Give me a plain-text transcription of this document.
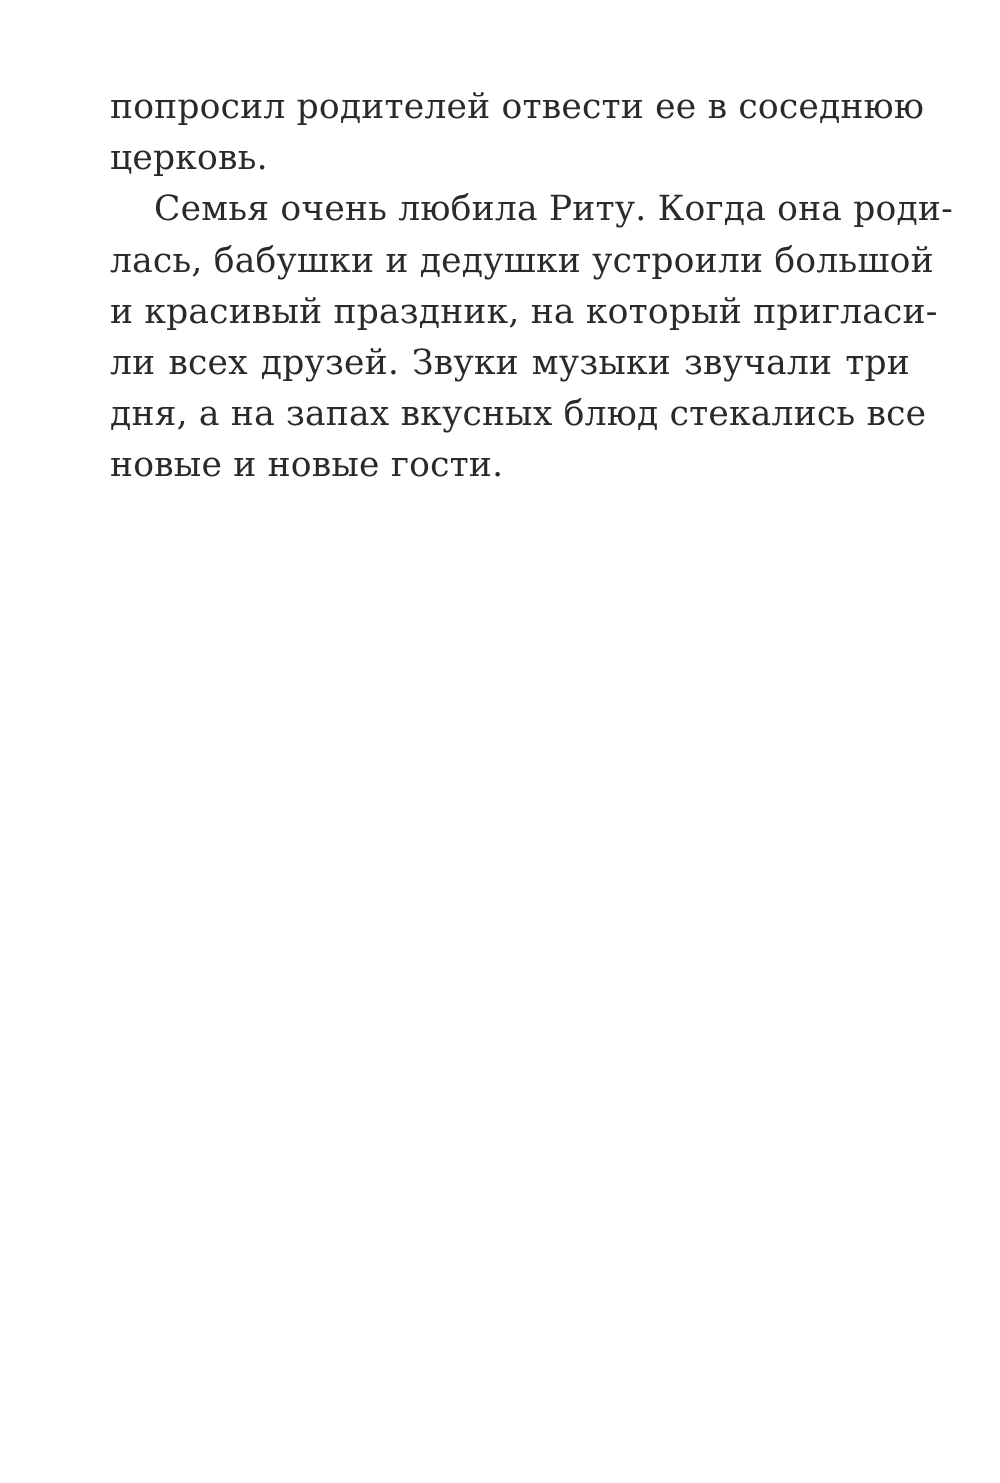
попросил родителей отвести ее в соседнюю
церковь.
Семья очень любила Риту. Когда она роди-
лась, бабушки и дедушки устроили большой
и красивый праздник, на который пригласи-
ли всех друзей. Звуки музыки звучали три
дня, а на запах вкусных блюд стекались все
новые и новые гости.
